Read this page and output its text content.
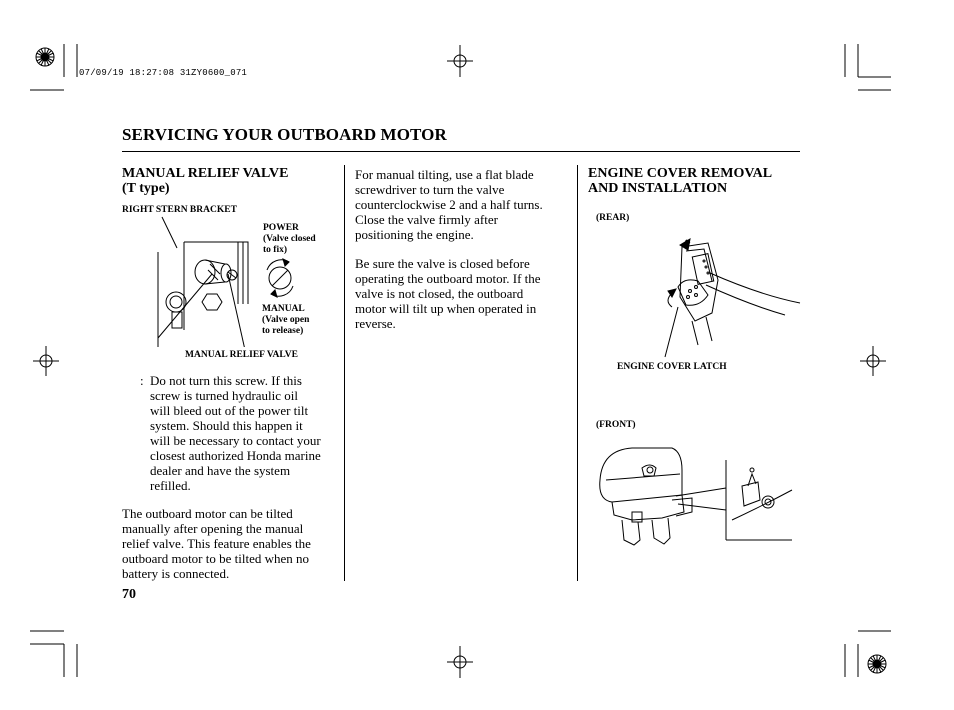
07/09/19 18:27:08 31ZY0600_071
SERVICING YOUR OUTBOARD MOTOR
MANUAL RELIEF VALVE
(T type)
RIGHT STERN BRACKET
POWER
(Valve closed
to fix)
MANUAL
(Valve open
to release)
MANUAL RELIEF VALVE
: Do not turn this screw. If this
screw is turned hydraulic oil
will bleed out of the power tilt
system. Should this happen it
will be necessary to contact your
closest authorized Honda marine
dealer and have the system
refilled.
The outboard motor can be tilted
manually after opening the manual
relief valve. This feature enables the
outboard motor to be tilted when no
battery is connected.
70
For manual tilting, use a flat blade
screwdriver to turn the valve
counterclockwise 2 and a half turns.
Close the valve firmly after
positioning the engine.
Be sure the valve is closed before
operating the outboard motor. If the
valve is not closed, the outboard
motor will tilt up when operated in
reverse.
ENGINE COVER REMOVAL
AND INSTALLATION
(REAR)
ENGINE COVER LATCH
(FRONT)
